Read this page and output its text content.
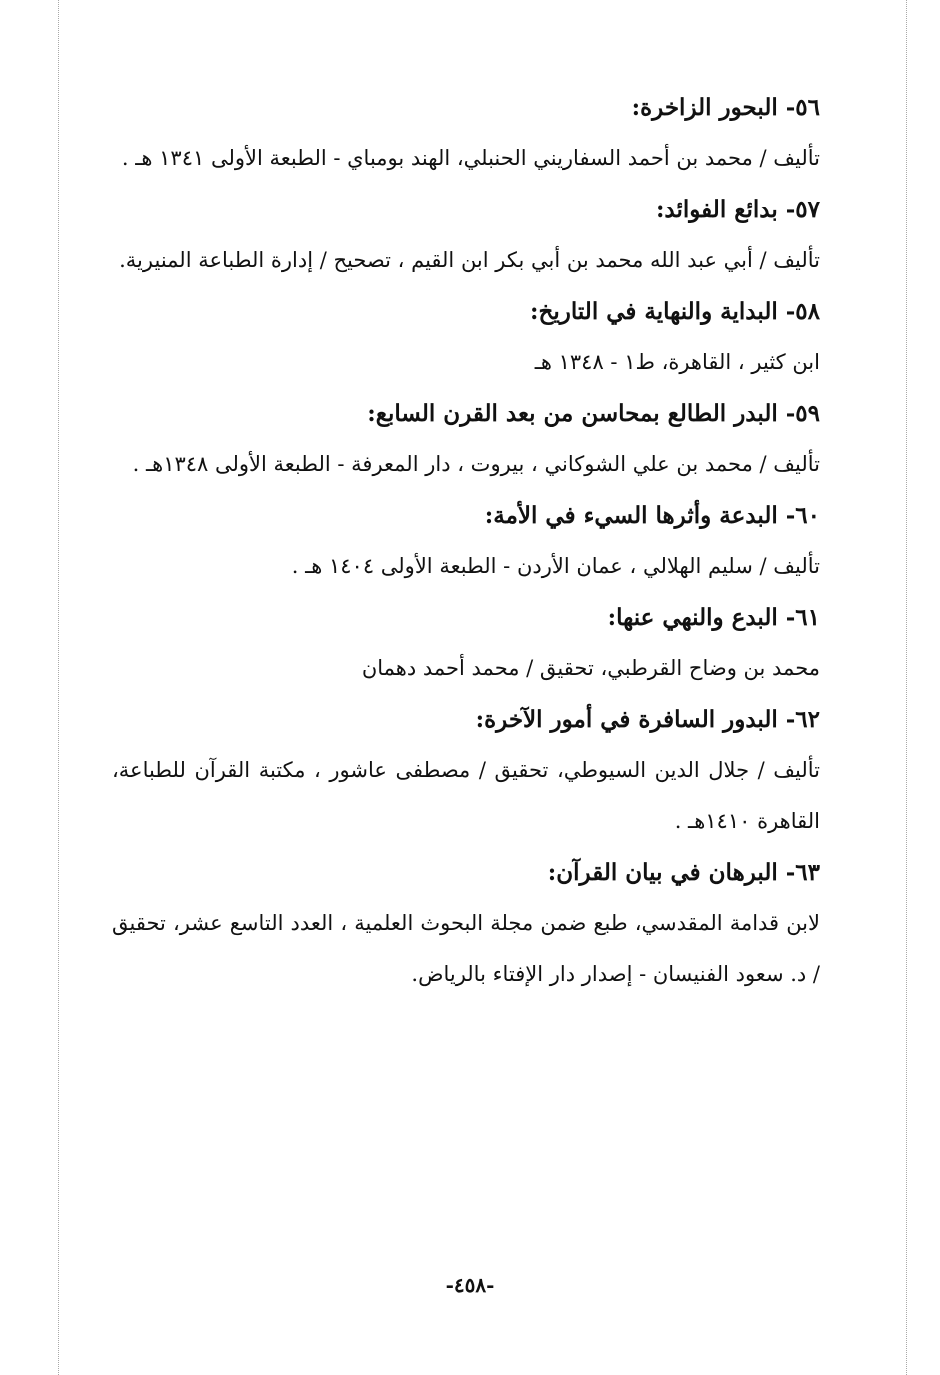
٥٦- البحور الزاخرة:
تأليف / محمد بن أحمد السفاريني الحنبلي، الهند بومباي - الطبعة الأولى ١٣٤١ هـ .
٥٧- بدائع الفوائد:
تأليف / أبي عبد الله محمد بن أبي بكر ابن القيم ، تصحيح / إدارة الطباعة المنيرية.
٥٨- البداية والنهاية في التاريخ:
ابن كثير ، القاهرة، ط١ - ١٣٤٨ هـ
٥٩- البدر الطالع بمحاسن من بعد القرن السابع:
تأليف / محمد بن علي الشوكاني ، بيروت ، دار المعرفة - الطبعة الأولى ١٣٤٨هـ .
٦٠- البدعة وأثرها السيء في الأمة:
تأليف / سليم الهلالي ، عمان الأردن - الطبعة الأولى ١٤٠٤ هـ .
٦١- البدع والنهي عنها:
محمد بن وضاح القرطبي، تحقيق / محمد أحمد دهمان
٦٢- البدور السافرة في أمور الآخرة:
تأليف / جلال الدين السيوطي، تحقيق / مصطفى عاشور ، مكتبة القرآن للطباعة، القاهرة ١٤١٠هـ .
٦٣- البرهان في بيان القرآن:
لابن قدامة المقدسي، طبع ضمن مجلة البحوث العلمية ، العدد التاسع عشر، تحقيق / د. سعود الفنيسان - إصدار دار الإفتاء بالرياض.
-٤٥٨-
